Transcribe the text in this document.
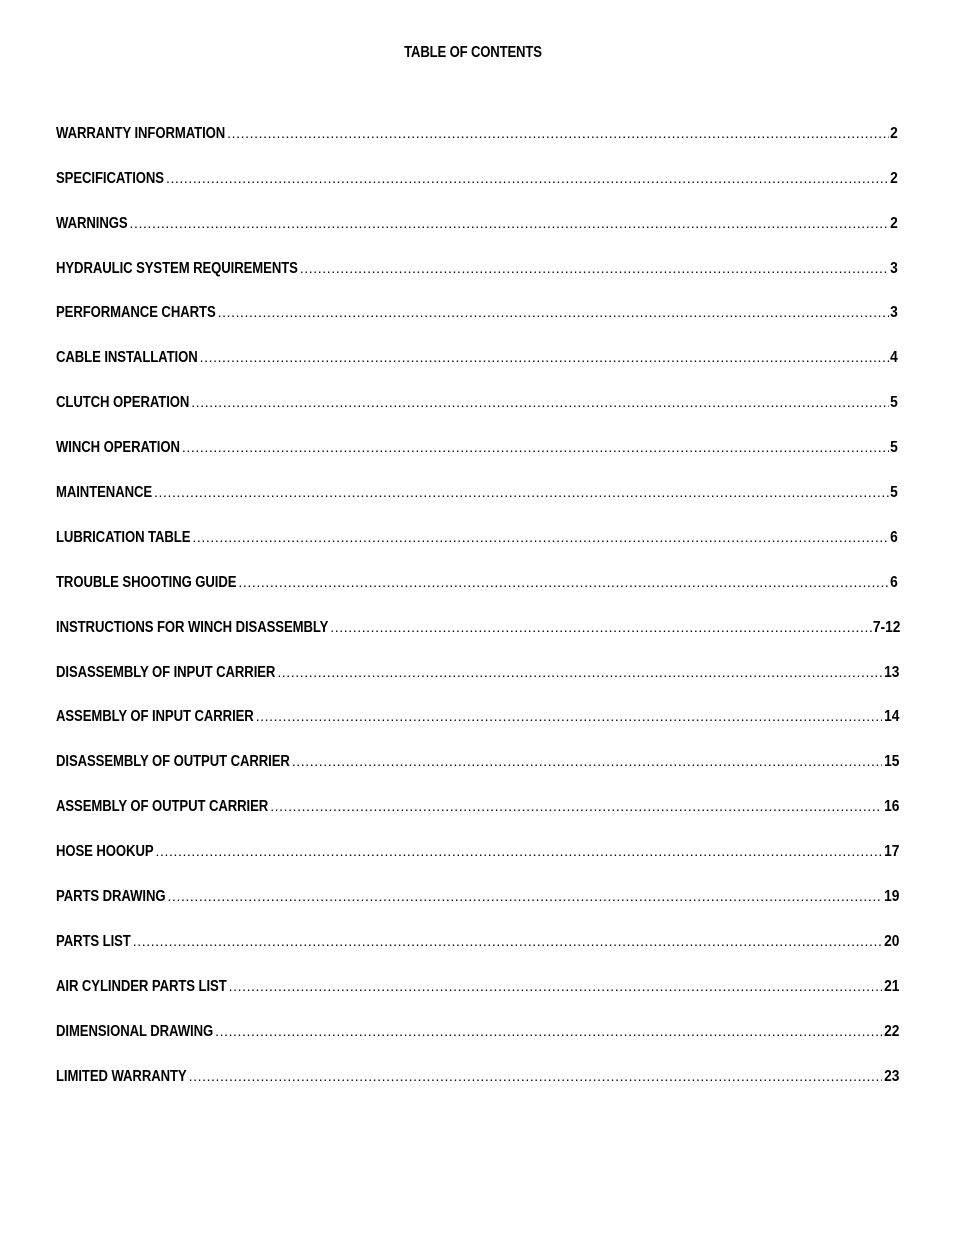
TABLE OF CONTENTS
WARRANTY INFORMATION .....	2
SPECIFICATIONS .....	2
WARNINGS .....	2
HYDRAULIC SYSTEM REQUIREMENTS .....	3
PERFORMANCE CHARTS .....	3
CABLE INSTALLATION .....	4
CLUTCH OPERATION .....	5
WINCH OPERATION .....	5
MAINTENANCE .....	5
LUBRICATION TABLE .....	6
TROUBLE SHOOTING GUIDE .....	6
INSTRUCTIONS FOR WINCH DISASSEMBLY .....	7-12
DISASSEMBLY OF INPUT CARRIER .....	13
ASSEMBLY OF INPUT CARRIER .....	14
DISASSEMBLY OF OUTPUT CARRIER .....	15
ASSEMBLY OF OUTPUT CARRIER .....	16
HOSE HOOKUP .....	17
PARTS DRAWING .....	19
PARTS LIST .....	20
AIR CYLINDER PARTS LIST .....	21
DIMENSIONAL DRAWING .....	22
LIMITED WARRANTY .....	23
